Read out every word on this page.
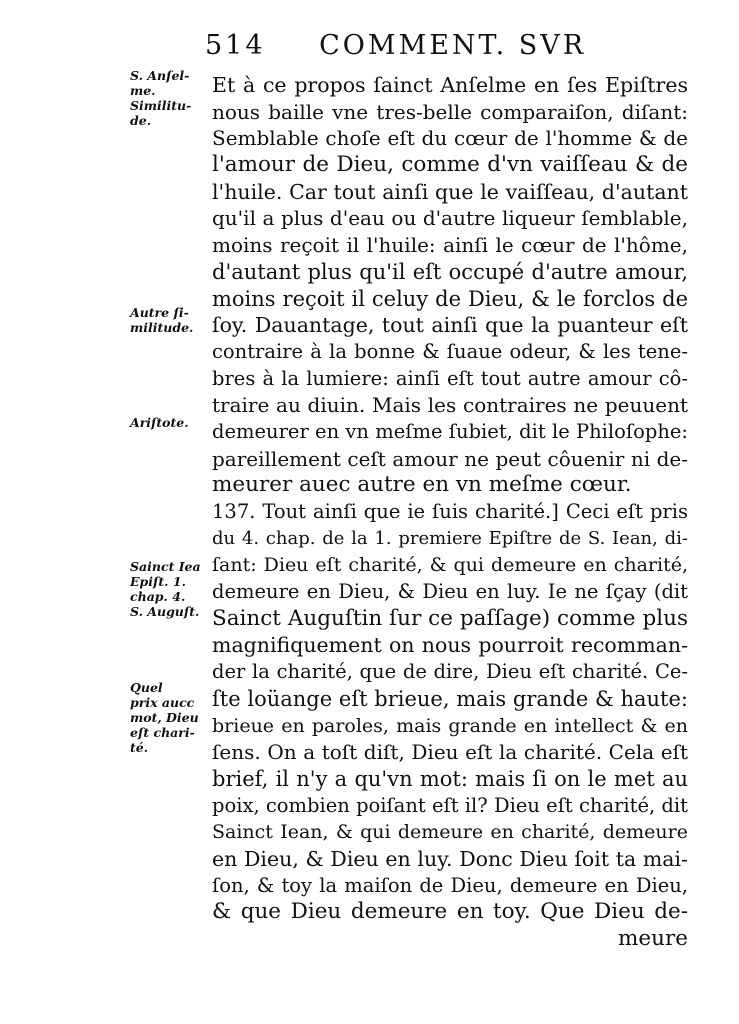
514 COMMENT. SVR
S. Anſel-
me.
Similitu-
de.
Autre ſi-
militude.
Ariſtote.
Sainct Iea
Epiſt. 1.
chap. 4.
S. Auguſt.
Quel
prix aucc
mot, Dieu
eſt chari-
té.
Et à ce propos ſainct Anſelme en ſes Epiſtres
nous baille vne tres-belle comparaiſon, diſant:
Semblable choſe eſt du cœur de l'homme & de
l'amour de Dieu, comme d'vn vaiſſeau & de
l'huile. Car tout ainſi que le vaiſſeau, d'autant
qu'il a plus d'eau ou d'autre liqueur ſemblable,
moins reçoit il l'huile: ainſi le cœur de l'hôme,
d'autant plus qu'il eſt occupé d'autre amour,
moins reçoit il celuy de Dieu, & le forclos de
ſoy. Dauantage, tout ainſi que la puanteur eſt
contraire à la bonne & ſuaue odeur, & les tene-
bres à la lumiere: ainſi eſt tout autre amour cô-
traire au diuin. Mais les contraires ne peuuent
demeurer en vn meſme ſubiet, dit le Philoſophe:
pareillement ceſt amour ne peut côuenir ni de-
meurer auec autre en vn meſme cœur.
137. Tout ainſi que ie ſuis charité.] Ceci eſt pris
du 4. chap. de la 1. premiere Epiſtre de S. Iean, di-
ſant: Dieu eſt charité, & qui demeure en charité,
demeure en Dieu, & Dieu en luy. Ie ne ſçay (dit
Sainct Auguſtin ſur ce paſſage) comme plus
magnifiquement on nous pourroit recomman-
der la charité, que de dire, Dieu eſt charité. Ce-
ſte loüange eſt brieue, mais grande & haute:
brieue en paroles, mais grande en intellect & en
ſens. On a toſt diſt, Dieu eſt la charité. Cela eſt
brief, il n'y a qu'vn mot: mais ſi on le met au
poix, combien poiſant eſt il? Dieu eſt charité, dit
Sainct Iean, & qui demeure en charité, demeure
en Dieu, & Dieu en luy. Donc Dieu ſoit ta mai-
ſon, & toy la maiſon de Dieu, demeure en Dieu,
& que Dieu demeure en toy. Que Dieu de-
meure
